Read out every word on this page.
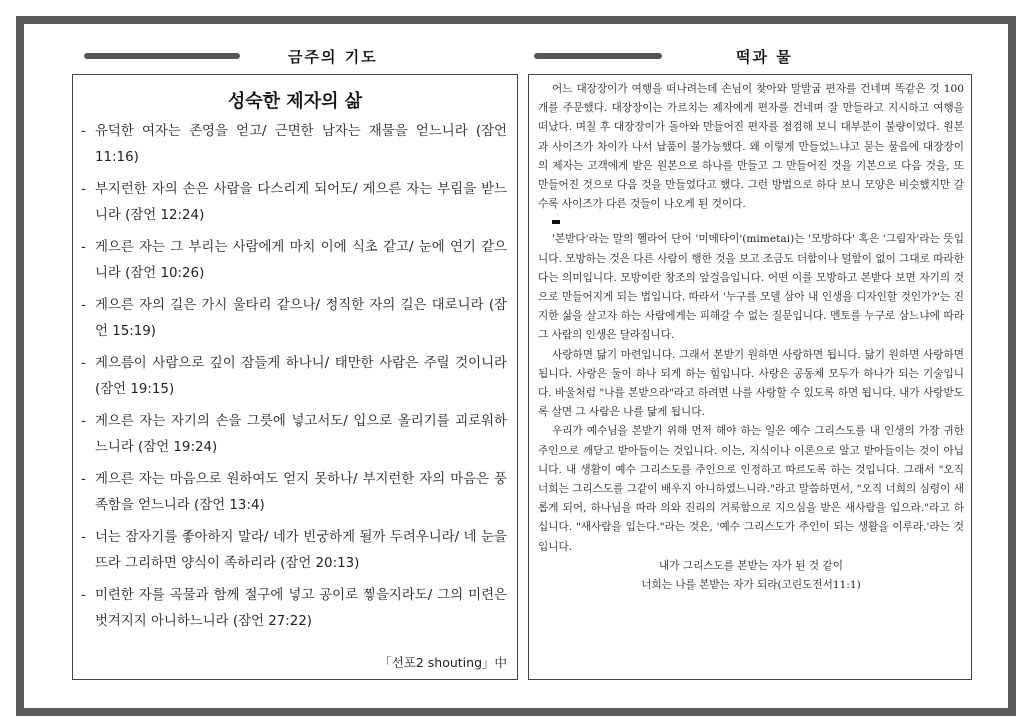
금주의 기도	떡과 물
성숙한 제자의 삶
- 유덕한 여자는 존영을 얻고/ 근면한 남자는 재물을 얻느니라 (잠언 11:16)
- 부지런한 자의 손은 사람을 다스리게 되어도/ 게으른 자는 부림을 받느니라 (잠언 12:24)
- 게으른 자는 그 부리는 사람에게 마치 이에 식초 같고/ 눈에 연기 같으니라 (잠언 10:26)
- 게으른 자의 길은 가시 울타리 같으나/ 정직한 자의 길은 대로니라 (잠언 15:19)
- 게으름이 사람으로 깊이 잠들게 하나니/ 태만한 사람은 주릴 것이니라 (잠언 19:15)
- 게으른 자는 자기의 손을 그릇에 넣고서도/ 입으로 올리기를 괴로워하느니라 (잠언 19:24)
- 게으른 자는 마음으로 원하여도 얻지 못하나/ 부지런한 자의 마음은 풍족함을 얻느니라 (잠언 13:4)
- 너는 잠자기를 좋아하지 말라/ 네가 빈궁하게 될까 두려우니라/ 네 눈을 뜨라 그리하면 양식이 족하리라 (잠언 20:13)
- 미련한 자를 곡물과 함께 절구에 넣고 공이로 찧을지라도/ 그의 미련은 벗겨지지 아니하느니라 (잠언 27:22)
「선포2 shouting」中

어느 대장장이가 여행을 떠나려는데 손님이 찾아와 말발굽 편자를 건네며 똑같은 것 100개를 주문했다. 대장장이는 가르치는 제자에게 편자를 건네며 잘 만들라고 지시하고 여행을 떠났다. 며칠 후 대장장이가 돌아와 만들어진 편자를 점검해 보니 대부분이 불량이었다. 원본과 사이즈가 차이가 나서 납품이 불가능했다. 왜 이렇게 만들었느냐고 묻는 물음에 대장장이의 제자는 고객에게 받은 원본으로 하나를 만들고 그 만들어진 것을 기본으로 다음 것을, 또 만들어진 것으로 다음 것을 만들었다고 했다. 그런 방법으로 하다 보니 모양은 비슷했지만 갈수록 사이즈가 다른 것들이 나오게 된 것이다.

'본받다'라는 말의 헬라어 단어 '미메타이'(mimetai)는 '모방하다' 혹은 '그림자'라는 뜻입니다. 모방하는 것은 다른 사람이 행한 것을 보고 조금도 더함이나 덜함이 없이 그대로 따라한다는 의미입니다. 모방이란 창조의 앞걸음입니다. 어떤 이를 모방하고 본받다 보면 자기의 것으로 만들어지게 되는 법입니다. 따라서 '누구를 모델 삼아 내 인생을 디자인할 것인가?'는 진지한 삶을 살고자 하는 사람에게는 피해갈 수 없는 질문입니다. 멘토를 누구로 삼느냐에 따라 그 사람의 인생은 달라집니다.

사랑하면 닮기 마련입니다. 그래서 본받기 원하면 사랑하면 됩니다. 닮기 원하면 사랑하면 됩니다. 사랑은 둘이 하나 되게 하는 힘입니다. 사랑은 공동체 모두가 하나가 되는 기술입니다. 바울처럼 "나를 본받으라"라고 하려면 나를 사랑할 수 있도록 하면 됩니다. 내가 사랑받도록 살면 그 사람은 나를 닮게 됩니다.

우리가 예수님을 본받기 위해 먼저 해야 하는 일은 예수 그리스도를 내 인생의 가장 귀한 주인으로 깨닫고 받아들이는 것입니다. 이는, 지식이나 이론으로 알고 받아들이는 것이 아닙니다. 내 생활이 예수 그리스도를 주인으로 인정하고 따르도록 하는 것입니다. 그래서 "오직 너희는 그리스도를 그같이 배우지 아니하였느니라."라고 말씀하면서, "오직 너희의 심령이 새롭게 되어, 하나님을 따라 의와 진리의 거룩함으로 지으심을 받은 새사람을 입으라."라고 하십니다. "새사람을 입는다."라는 것은, '예수 그리스도가 주인이 되는 생활을 이루라.'라는 것입니다.

내가 그리스도를 본받는 자가 된 것 같이

너희는 나를 본받는 자가 되라(고린도전서11:1)
